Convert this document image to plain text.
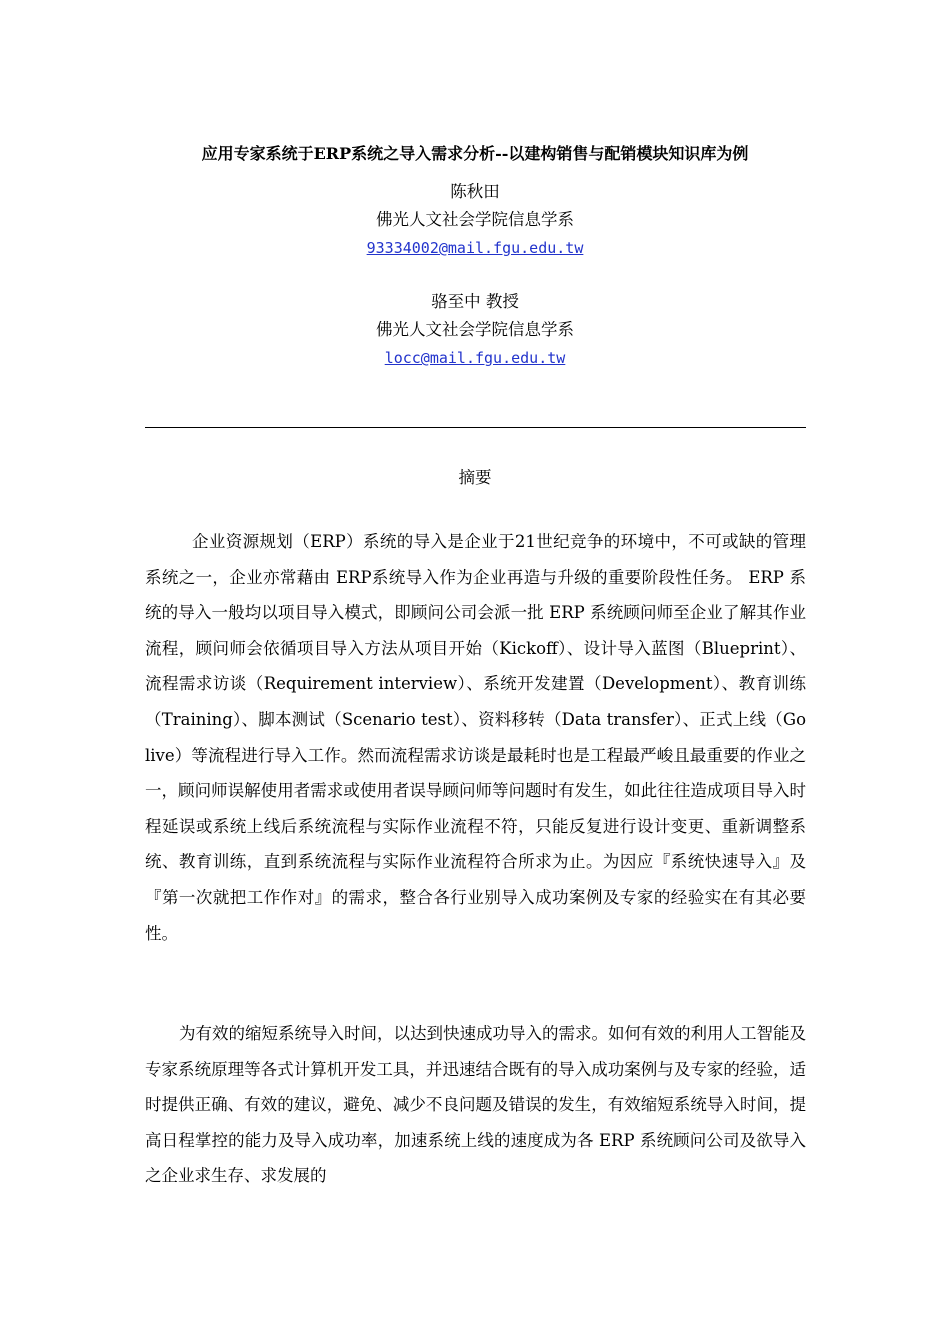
应用专家系统于ERP系统之导入需求分析--以建构销售与配销模块知识库为例
陈秋田
佛光人文社会学院信息学系
93334002@mail.fgu.edu.tw
骆至中 教授
佛光人文社会学院信息学系
locc@mail.fgu.edu.tw
摘要

企业资源规划（ERP）系统的导入是企业于21世纪竞争的环境中，不可或缺的管理系统之一，企业亦常藉由 ERP系统导入作为企业再造与升级的重要阶段性任务。 ERP 系统的导入一般均以项目导入模式，即顾问公司会派一批 ERP 系统顾问师至企业了解其作业流程，顾问师会依循项目导入方法从项目开始（Kickoff）、设计导入蓝图（Blueprint）、流程需求访谈（Requirement interview）、系统开发建置（Development）、教育训练（Training）、脚本测试（Scenario test）、资料移转（Data transfer）、正式上线（Go live）等流程进行导入工作。然而流程需求访谈是最耗时也是工程最严峻且最重要的作业之一，顾问师误解使用者需求或使用者误导顾问师等问题时有发生，如此往往造成项目导入时程延误或系统上线后系统流程与实际作业流程不符，只能反复进行设计变更、重新调整系统、教育训练，直到系统流程与实际作业流程符合所求为止。为因应『系统快速导入』及『第一次就把工作作对』的需求，整合各行业别导入成功案例及专家的经验实在有其必要性。

为有效的缩短系统导入时间，以达到快速成功导入的需求。如何有效的利用人工智能及专家系统原理等各式计算机开发工具，并迅速结合既有的导入成功案例与及专家的经验，适时提供正确、有效的建议，避免、减少不良问题及错误的发生，有效缩短系统导入时间，提高日程掌控的能力及导入成功率，加速系统上线的速度成为各 ERP 系统顾问公司及欲导入之企业求生存、求发展的
